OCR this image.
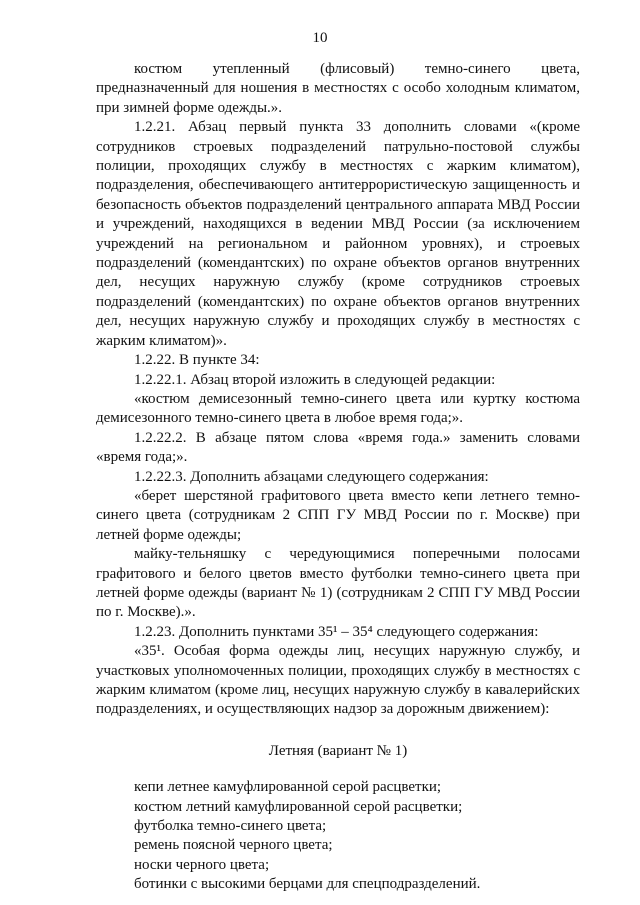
10

костюм утепленный (флисовый) темно-синего цвета, предназначенный для ношения в местностях с особо холодным климатом, при зимней форме одежды.».

1.2.21. Абзац первый пункта 33 дополнить словами «(кроме сотрудников строевых подразделений патрульно-постовой службы полиции, проходящих службу в местностях с жарким климатом), подразделения, обеспечивающего антитеррористическую защищенность и безопасность объектов подразделений центрального аппарата МВД России и учреждений, находящихся в ведении МВД России (за исключением учреждений на региональном и районном уровнях), и строевых подразделений (комендантских) по охране объектов органов внутренних дел, несущих наружную службу (кроме сотрудников строевых подразделений (комендантских) по охране объектов органов внутренних дел, несущих наружную службу и проходящих службу в местностях с жарким климатом)».

1.2.22. В пункте 34:

1.2.22.1. Абзац второй изложить в следующей редакции:

«костюм демисезонный темно-синего цвета или куртку костюма демисезонного темно-синего цвета в любое время года;».

1.2.22.2. В абзаце пятом слова «время года.» заменить словами «время года;».

1.2.22.3. Дополнить абзацами следующего содержания:

«берет шерстяной графитового цвета вместо кепи летнего темно-синего цвета (сотрудникам 2 СПП ГУ МВД России по г. Москве) при летней форме одежды;

майку-тельняшку с чередующимися поперечными полосами графитового и белого цветов вместо футболки темно-синего цвета при летней форме одежды (вариант № 1) (сотрудникам 2 СПП ГУ МВД России по г. Москве).».

1.2.23. Дополнить пунктами 35¹ – 35⁴ следующего содержания:

«35¹. Особая форма одежды лиц, несущих наружную службу, и участковых уполномоченных полиции, проходящих службу в местностях с жарким климатом (кроме лиц, несущих наружную службу в кавалерийских подразделениях, и осуществляющих надзор за дорожным движением):

Летняя (вариант № 1)

кепи летнее камуфлированной серой расцветки;

костюм летний камуфлированной серой расцветки;

футболка темно-синего цвета;

ремень поясной черного цвета;

носки черного цвета;

ботинки с высокими берцами для спецподразделений.
